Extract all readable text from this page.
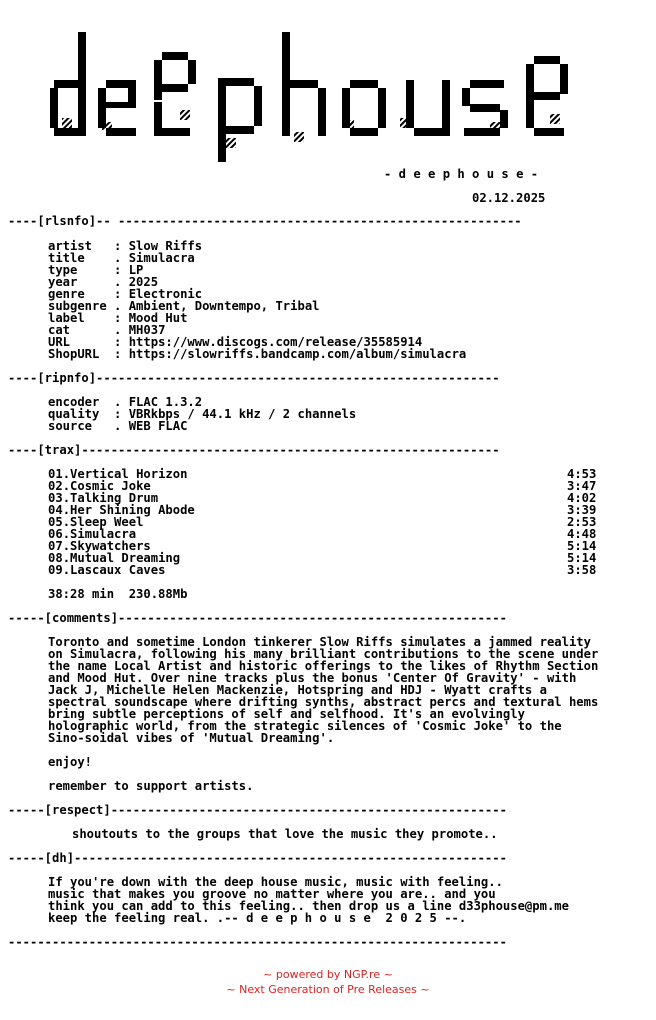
- d e e p h o u s e -
02.12.2025
----[rlsnfo]-- -------------------------------------------------------
artist   : Slow Riffs
title    . Simulacra
type     : LP
year     . 2025
genre    : Electronic
subgenre . Ambient, Downtempo, Tribal
label    : Mood Hut
cat      . MH037
URL      : https://www.discogs.com/release/35585914
ShopURL  : https://slowriffs.bandcamp.com/album/simulacra
----[ripnfo]-------------------------------------------------------
encoder  . FLAC 1.3.2
quality  : VBRkbps / 44.1 kHz / 2 channels
source   . WEB FLAC
----[trax]---------------------------------------------------------
01.Vertical Horizon	4:53
02.Cosmic Joke	3:47
03.Talking Drum	4:02
04.Her Shining Abode	3:39
05.Sleep Weel	2:53
06.Simulacra	4:48
07.Skywatchers	5:14
08.Mutual Dreaming	5:14
09.Lascaux Caves	3:58
38:28 min  230.88Mb
-----[comments]-----------------------------------------------------
Toronto and sometime London tinkerer Slow Riffs simulates a jammed reality
on Simulacra, following his many brilliant contributions to the scene under
the name Local Artist and historic offerings to the likes of Rhythm Section
and Mood Hut. Over nine tracks plus the bonus 'Center Of Gravity' - with
Jack J, Michelle Helen Mackenzie, Hotspring and HDJ - Wyatt crafts a
spectral soundscape where drifting synths, abstract percs and textural hems
bring subtle perceptions of self and selfhood. It's an evolvingly
holographic world, from the strategic silences of 'Cosmic Joke' to the
Sino-soidal vibes of 'Mutual Dreaming'.
enjoy!
remember to support artists.
-----[respect]------------------------------------------------------
shoutouts to the groups that love the music they promote..
-----[dh]-----------------------------------------------------------
If you're down with the deep house music, music with feeling..
music that makes you groove no matter where you are.. and you
think you can add to this feeling.. then drop us a line d33phouse@pm.me
keep the feeling real. .-- d e e p h o u s e  2 0 2 5 --.
--------------------------------------------------------------------
~ powered by NGP.re ~
~ Next Generation of Pre Releases ~
